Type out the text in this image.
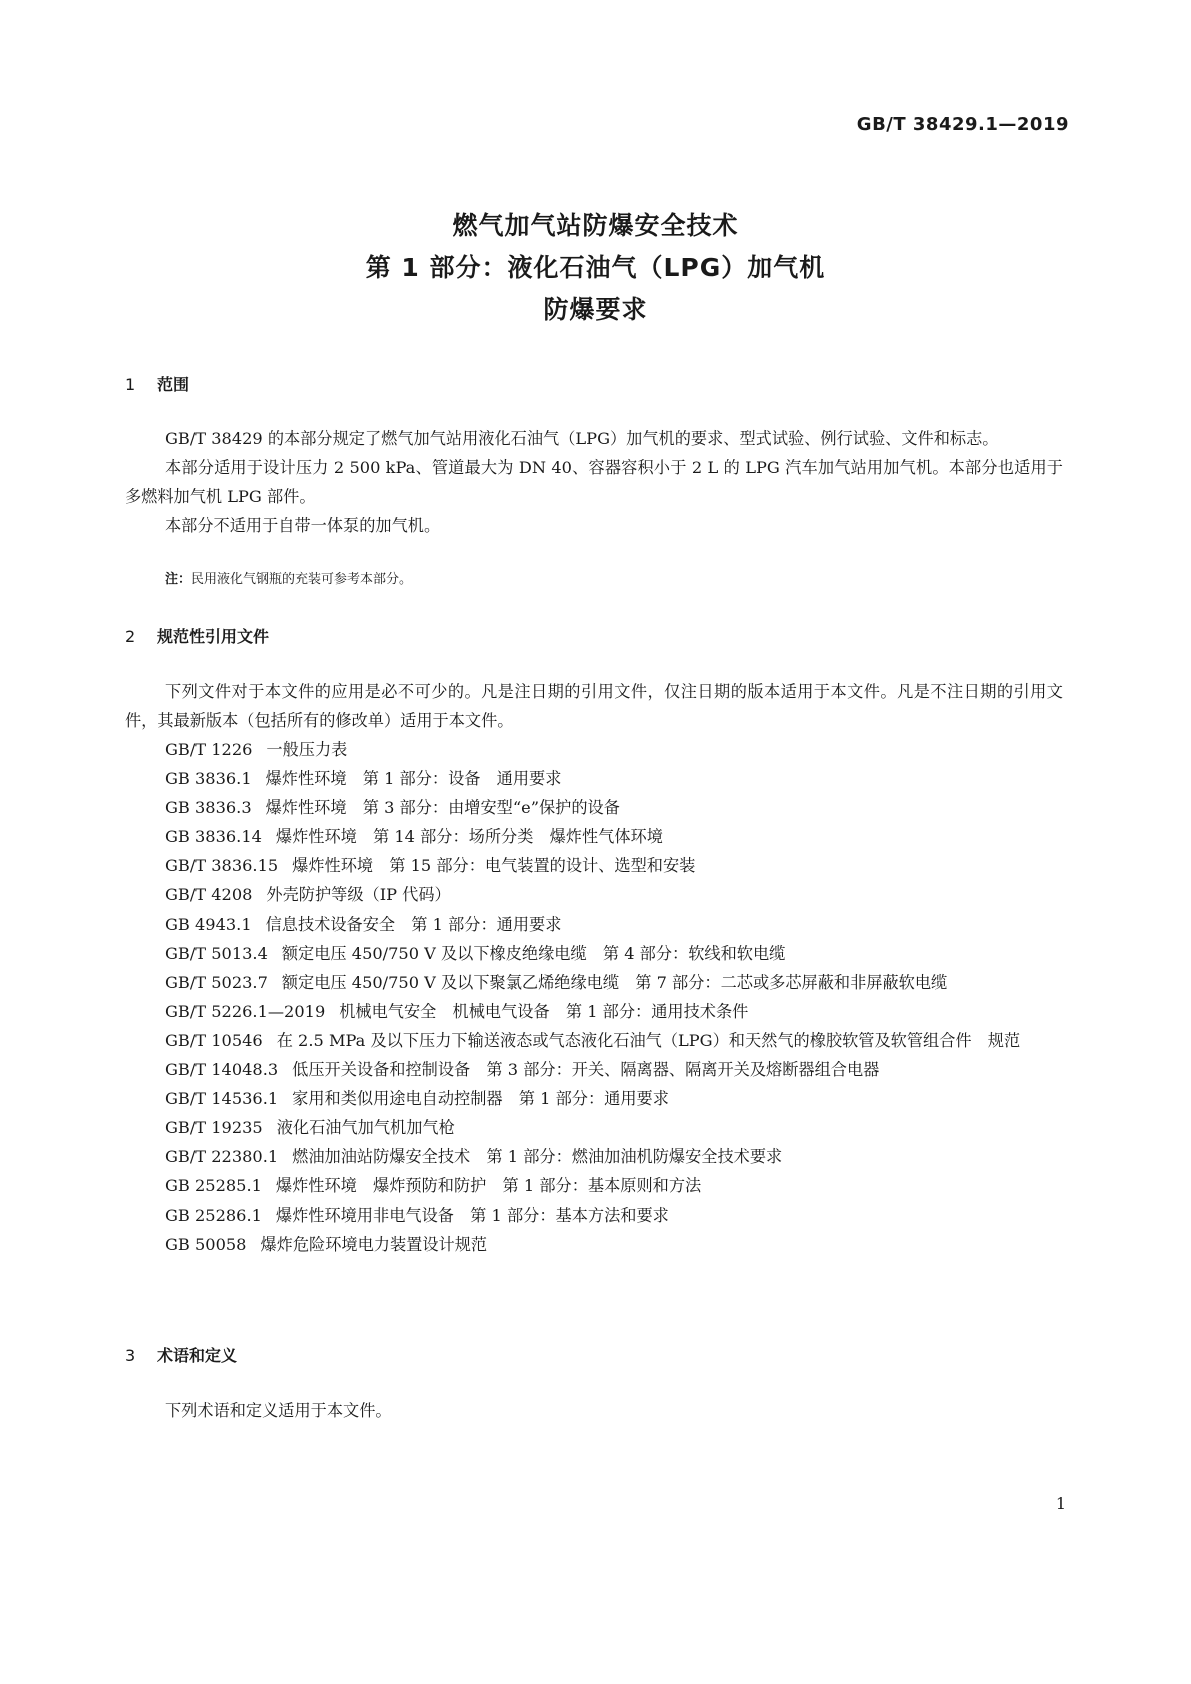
GB/T 38429.1—2019
燃气加气站防爆安全技术
第 1 部分：液化石油气（LPG）加气机
防爆要求
1 范围

GB/T 38429 的本部分规定了燃气加气站用液化石油气（LPG）加气机的要求、型式试验、例行试验、文件和标志。

本部分适用于设计压力 2 500 kPa、管道最大为 DN 40、容器容积小于 2 L 的 LPG 汽车加气站用加气机。本部分也适用于多燃料加气机 LPG 部件。

本部分不适用于自带一体泵的加气机。

注：民用液化气钢瓶的充装可参考本部分。
2 规范性引用文件

下列文件对于本文件的应用是必不可少的。凡是注日期的引用文件，仅注日期的版本适用于本文件。凡是不注日期的引用文件，其最新版本（包括所有的修改单）适用于本文件。

GB/T 1226 一般压力表
GB 3836.1 爆炸性环境　第 1 部分：设备　通用要求
GB 3836.3 爆炸性环境　第 3 部分：由增安型“e”保护的设备
GB 3836.14 爆炸性环境　第 14 部分：场所分类　爆炸性气体环境
GB/T 3836.15 爆炸性环境　第 15 部分：电气装置的设计、选型和安装
GB/T 4208 外壳防护等级（IP 代码）
GB 4943.1 信息技术设备安全　第 1 部分：通用要求
GB/T 5013.4 额定电压 450/750 V 及以下橡皮绝缘电缆　第 4 部分：软线和软电缆
GB/T 5023.7 额定电压 450/750 V 及以下聚氯乙烯绝缘电缆　第 7 部分：二芯或多芯屏蔽和非屏蔽软电缆
GB/T 5226.1—2019 机械电气安全　机械电气设备　第 1 部分：通用技术条件
GB/T 10546 在 2.5 MPa 及以下压力下输送液态或气态液化石油气（LPG）和天然气的橡胶软管及软管组合件　规范
GB/T 14048.3 低压开关设备和控制设备　第 3 部分：开关、隔离器、隔离开关及熔断器组合电器
GB/T 14536.1 家用和类似用途电自动控制器　第 1 部分：通用要求
GB/T 19235 液化石油气加气机加气枪
GB/T 22380.1 燃油加油站防爆安全技术　第 1 部分：燃油加油机防爆安全技术要求
GB 25285.1 爆炸性环境　爆炸预防和防护　第 1 部分：基本原则和方法
GB 25286.1 爆炸性环境用非电气设备　第 1 部分：基本方法和要求
GB 50058 爆炸危险环境电力装置设计规范
3 术语和定义

下列术语和定义适用于本文件。

1
